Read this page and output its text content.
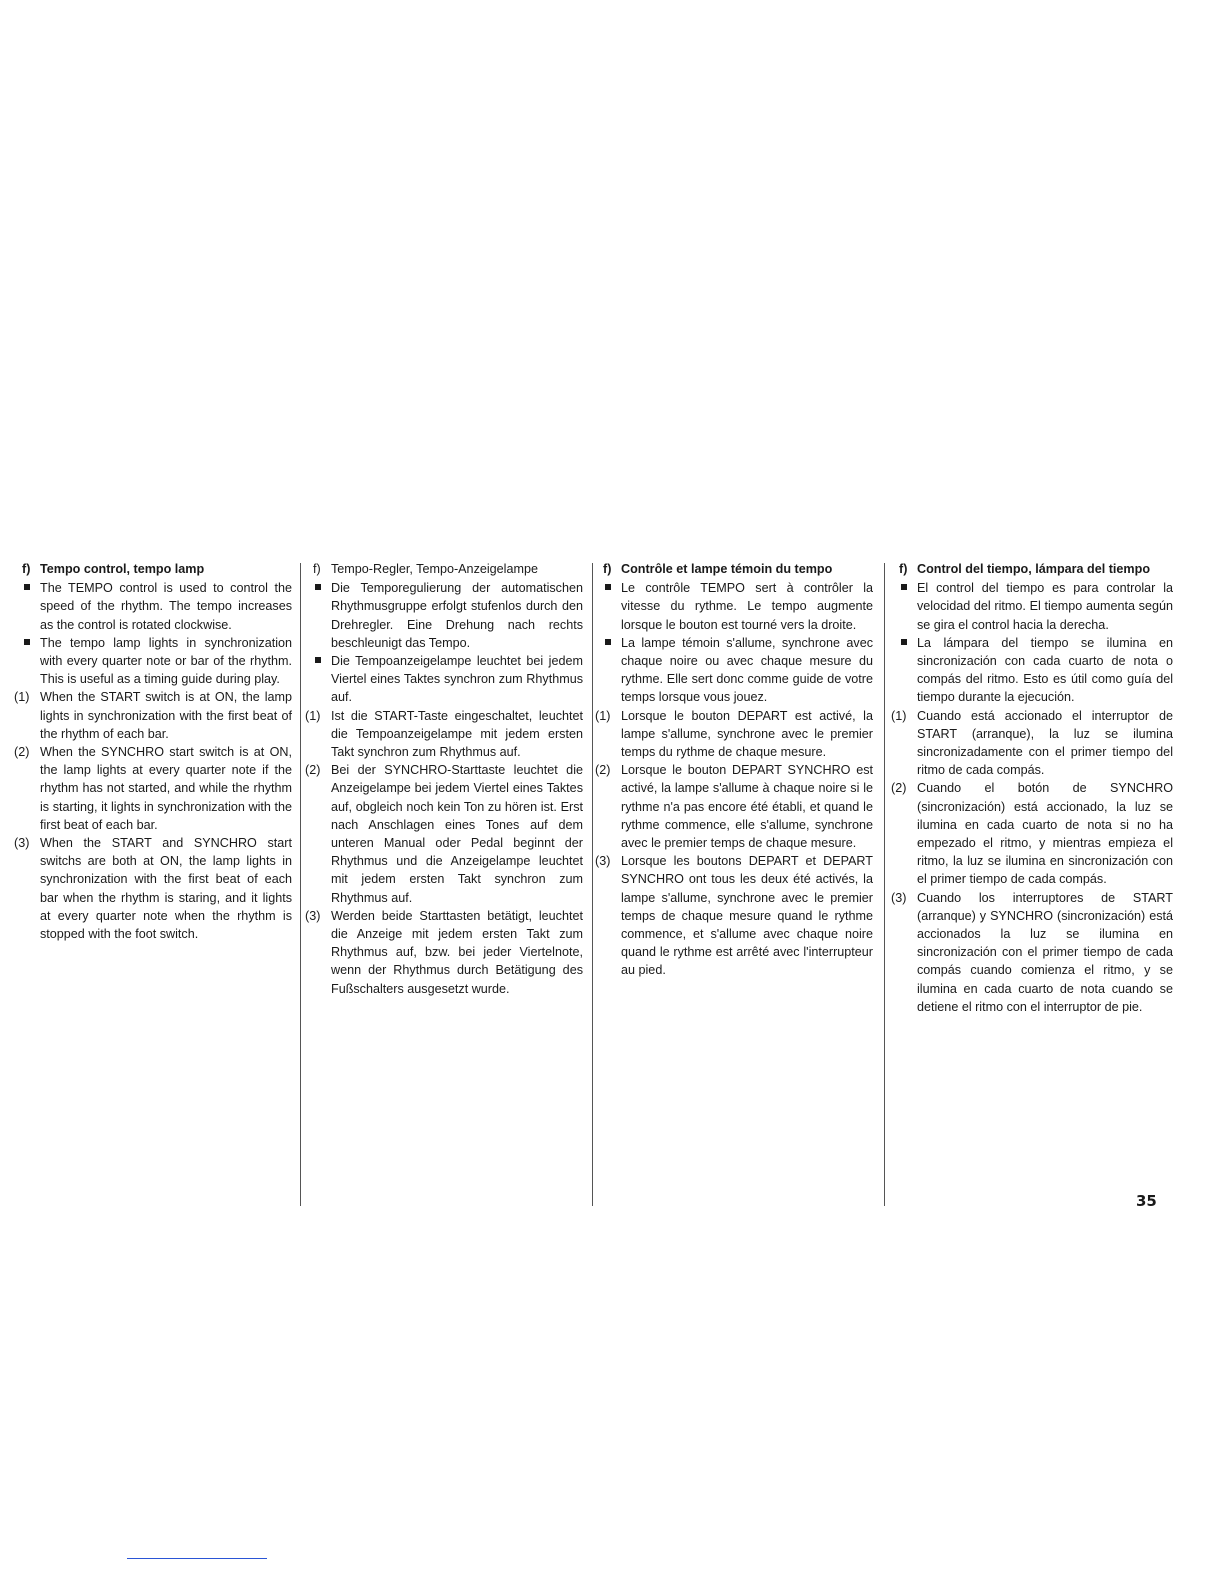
f) Tempo control, tempo lamp

The TEMPO control is used to control the speed of the rhythm. The tempo increases as the control is rotated clockwise.

The tempo lamp lights in synchronization with every quarter note or bar of the rhythm. This is useful as a timing guide during play.

(1) When the START switch is at ON, the lamp lights in synchronization with the first beat of the rhythm of each bar.

(2) When the SYNCHRO start switch is at ON, the lamp lights at every quarter note if the rhythm has not started, and while the rhythm is starting, it lights in synchronization with the first beat of each bar.

(3) When the START and SYNCHRO start switchs are both at ON, the lamp lights in synchronization with the first beat of each bar when the rhythm is staring, and it lights at every quarter note when the rhythm is stopped with the foot switch.

f) Tempo-Regler, Tempo-Anzeigelampe

Die Temporegulierung der automatischen Rhythmusgruppe erfolgt stufenlos durch den Drehregler. Eine Drehung nach rechts beschleunigt das Tempo.

Die Tempoanzeigelampe leuchtet bei jedem Viertel eines Taktes synchron zum Rhythmus auf.

(1) Ist die START-Taste eingeschaltet, leuchtet die Tempoanzeigelampe mit jedem ersten Takt synchron zum Rhythmus auf.

(2) Bei der SYNCHRO-Starttaste leuchtet die Anzeigelampe bei jedem Viertel eines Taktes auf, obgleich noch kein Ton zu hören ist. Erst nach Anschlagen eines Tones auf dem unteren Manual oder Pedal beginnt der Rhythmus und die Anzeigelampe leuchtet mit jedem ersten Takt synchron zum Rhythmus auf.

(3) Werden beide Starttasten betätigt, leuchtet die Anzeige mit jedem ersten Takt zum Rhythmus auf, bzw. bei jeder Viertelnote, wenn der Rhythmus durch Betätigung des Fußschalters ausgesetzt wurde.

f) Contrôle et lampe témoin du tempo

Le contrôle TEMPO sert à contrôler la vitesse du rythme. Le tempo augmente lorsque le bouton est tourné vers la droite.

La lampe témoin s'allume, synchrone avec chaque noire ou avec chaque mesure du rythme. Elle sert donc comme guide de votre temps lorsque vous jouez.

(1) Lorsque le bouton DEPART est activé, la lampe s'allume, synchrone avec le premier temps du rythme de chaque mesure.

(2) Lorsque le bouton DEPART SYNCHRO est activé, la lampe s'allume à chaque noire si le rythme n'a pas encore été établi, et quand le rythme commence, elle s'allume, synchrone avec le premier temps de chaque mesure.

(3) Lorsque les boutons DEPART et DEPART SYNCHRO ont tous les deux été activés, la lampe s'allume, synchrone avec le premier temps de chaque mesure quand le rythme commence, et s'allume avec chaque noire quand le rythme est arrêté avec l'interrupteur au pied.

f) Control del tiempo, lámpara del tiempo

El control del tiempo es para controlar la velocidad del ritmo. El tiempo aumenta según se gira el control hacia la derecha.

La lámpara del tiempo se ilumina en sincronización con cada cuarto de nota o compás del ritmo. Esto es útil como guía del tiempo durante la ejecución.

(1) Cuando está accionado el interruptor de START (arranque), la luz se ilumina sincronizadamente con el primer tiempo del ritmo de cada compás.

(2) Cuando el botón de SYNCHRO (sincronización) está accionado, la luz se ilumina en cada cuarto de nota si no ha empezado el ritmo, y mientras empieza el ritmo, la luz se ilumina en sincronización con el primer tiempo de cada compás.

(3) Cuando los interruptores de START (arranque) y SYNCHRO (sincronización) está accionados la luz se ilumina en sincronización con el primer tiempo de cada compás cuando comienza el ritmo, y se ilumina en cada cuarto de nota cuando se detiene el ritmo con el interruptor de pie.

35
